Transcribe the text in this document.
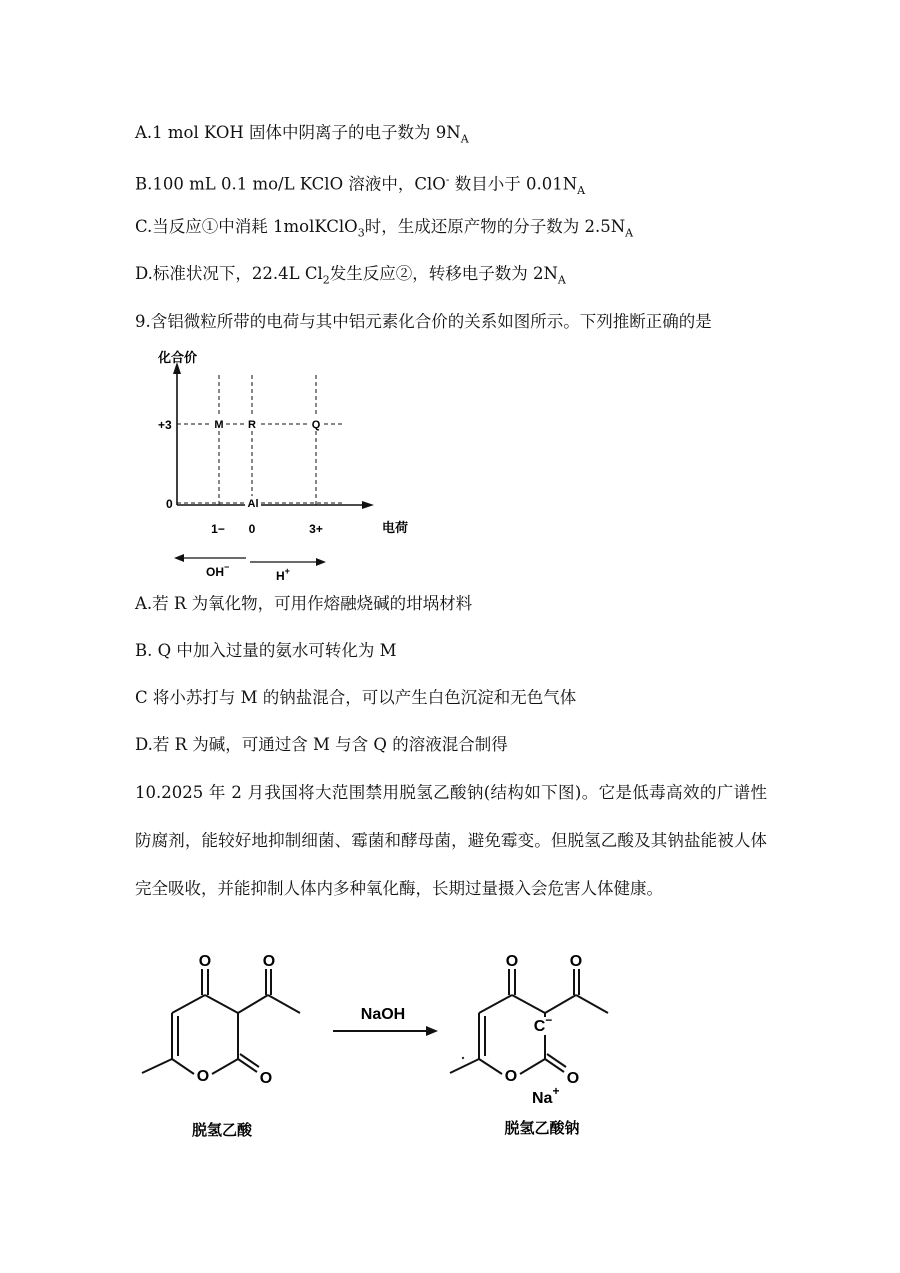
A.1 mol KOH 固体中阴离子的电子数为 $9N_A$
B.100 mL 0.1 mo/L KClO 溶液中，ClO- 数目小于 $0.01N_A$
C.当反应①中消耗 1molKClO$_3$时，生成还原产物的分子数为 $2.5N_A$
D.标准状况下，22.4L $Cl_2$发生反应②，转移电子数为 $2N_A$
9.含铝微粒所带的电荷与其中铝元素化合价的关系如图所示。下列推断正确的是
化合价
电荷
+3
0
1− 0	3+
M R	Q
Al
OH−
H+
A.若 R 为氧化物，可用作熔融烧碱的坩埚材料
B. Q 中加入过量的氨水可转化为 M
C 将小苏打与 M 的钠盐混合，可以产生白色沉淀和无色气体
D.若 R 为碱，可通过含 M 与含 Q 的溶液混合制得
10.2025 年 2 月我国将大范围禁用脱氢乙酸钠(结构如下图)。它是低毒高效的广谱性防腐剂，能较好地抑制细菌、霉菌和酵母菌，避免霉变。但脱氢乙酸及其钠盐能被人体完全吸收，并能抑制人体内多种氧化酶，长期过量摄入会危害人体健康。
O	O
O	O
脱氢乙酸
NaOH
C−
O	O
O	O
Na+
脱氢乙酸钠
